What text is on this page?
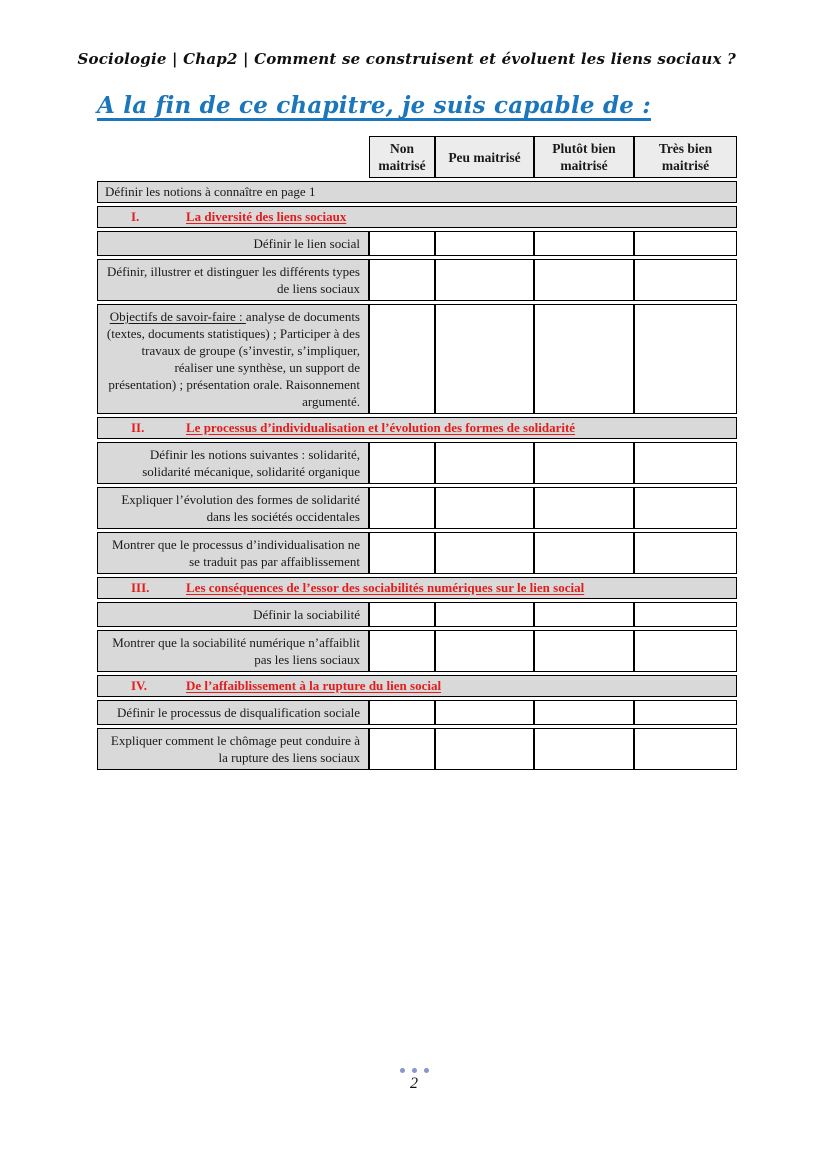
Sociologie | Chap2 | Comment se construisent et évoluent les liens sociaux ?
A la fin de ce chapitre, je suis capable de :
	Non maitrisé	Peu maitrisé	Plutôt bien maitrisé	Très bien maitrisé
Définir les notions à connaître en page 1				
I. La diversité des liens sociaux				
Définir le lien social				
Définir, illustrer et distinguer les différents types de liens sociaux				
Objectifs de savoir-faire : analyse de documents (textes, documents statistiques) ; Participer à des travaux de groupe (s’investir, s’impliquer, réaliser une synthèse, un support de présentation) ; présentation orale. Raisonnement argumenté.				
II. Le processus d’individualisation et l’évolution des formes de solidarité				
Définir les notions suivantes : solidarité, solidarité mécanique, solidarité organique				
Expliquer l’évolution des formes de solidarité dans les sociétés occidentales				
Montrer que le processus d’individualisation ne se traduit pas par affaiblissement				
III. Les conséquences de l’essor des sociabilités numériques sur le lien social				
Définir la sociabilité				
Montrer que la sociabilité numérique n’affaiblit pas les liens sociaux				
IV. De l’affaiblissement à la rupture du lien social				
Définir le processus de disqualification sociale				
Expliquer comment le chômage peut conduire à la rupture des liens sociaux				
2
